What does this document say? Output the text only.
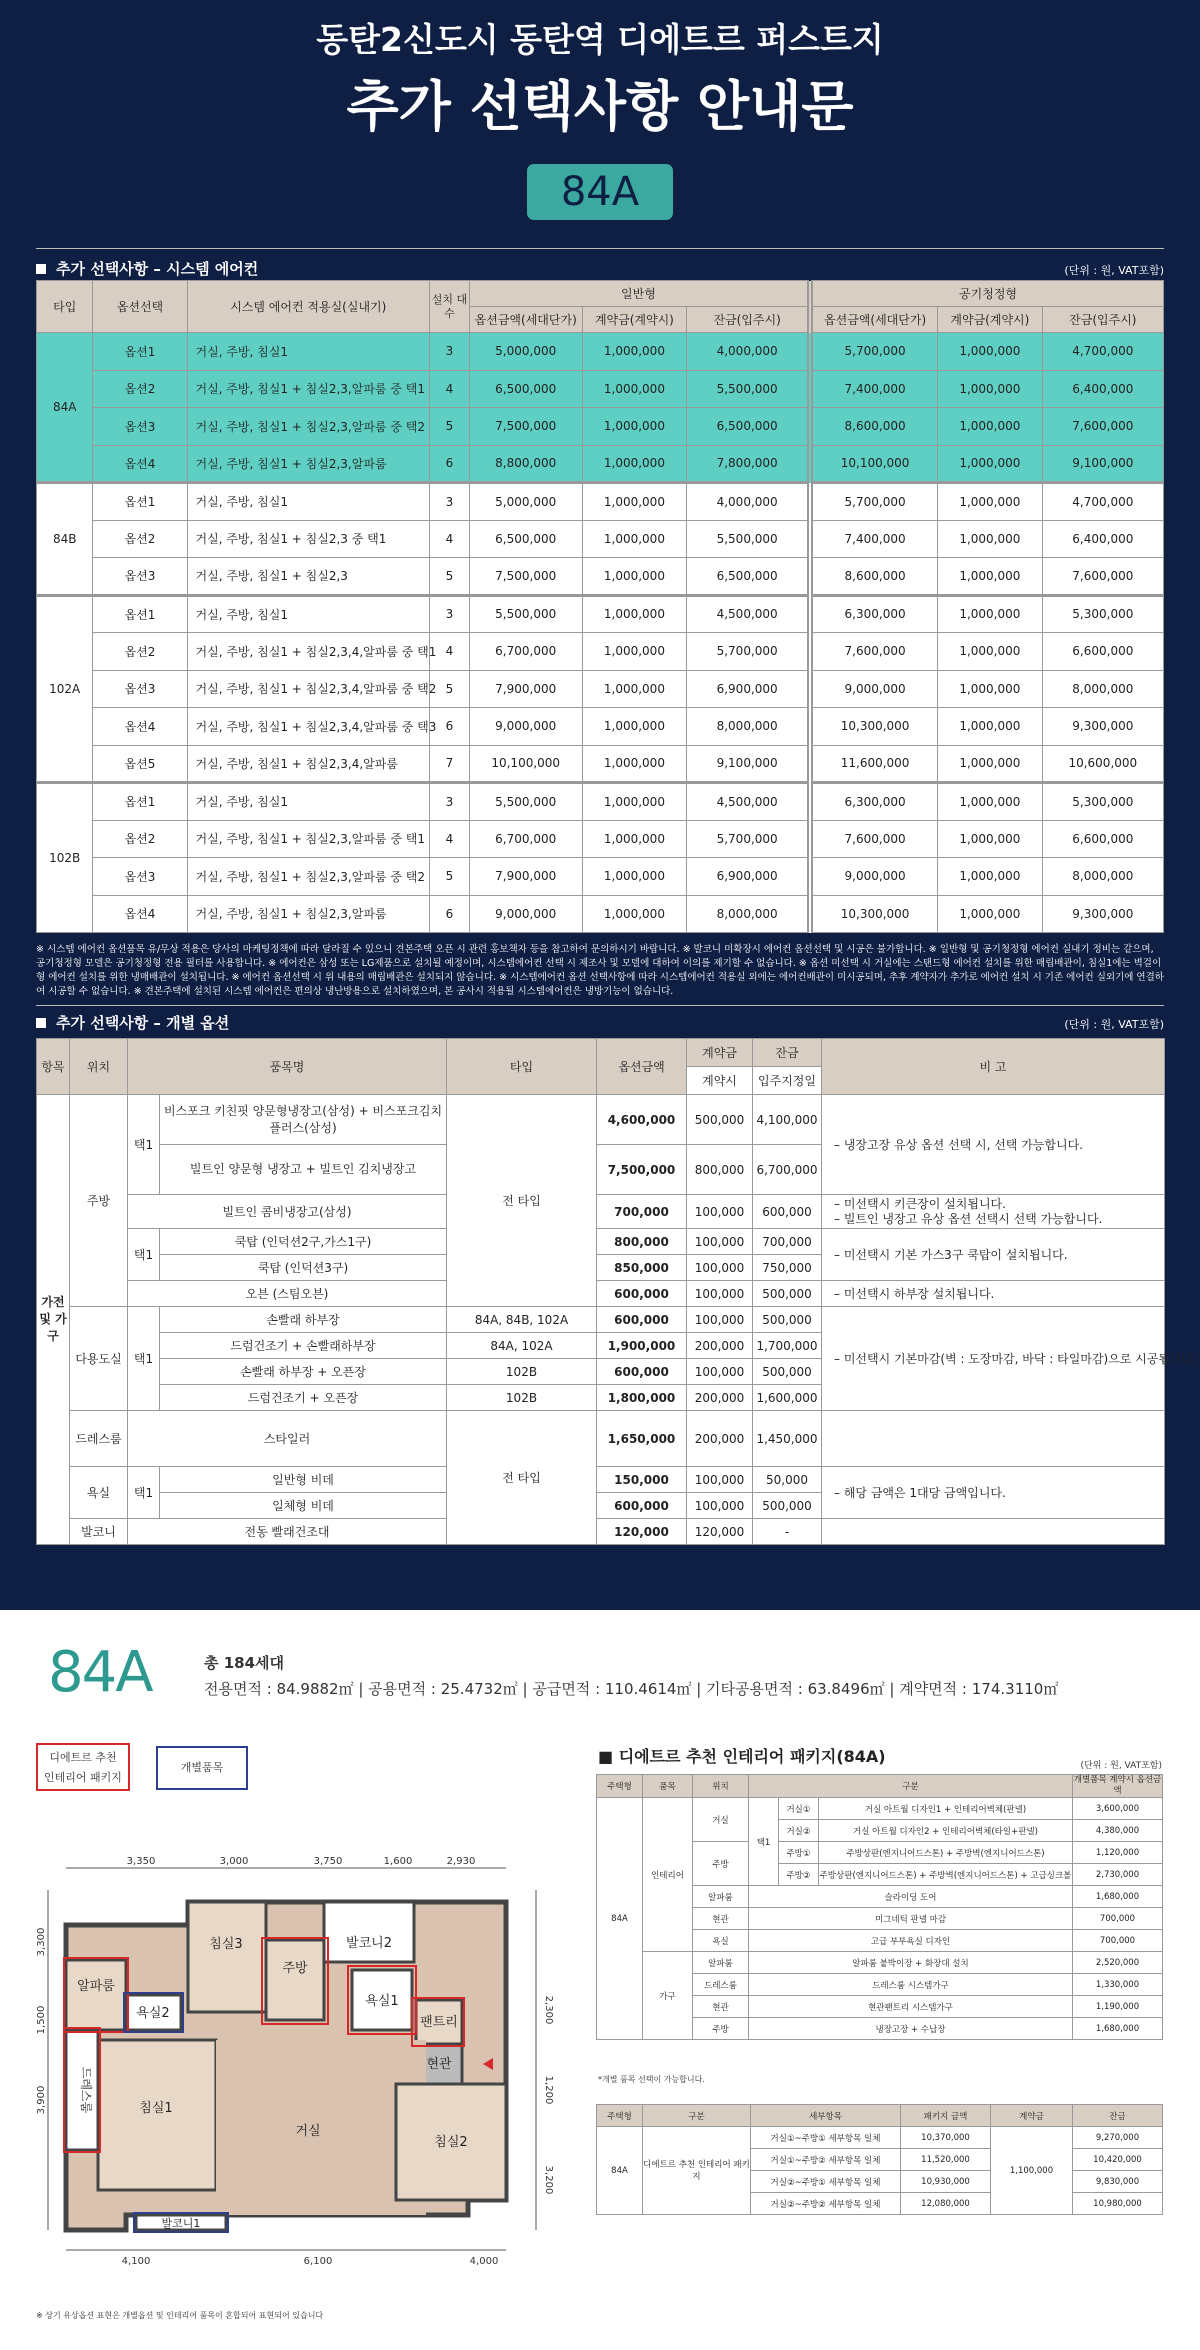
동탄2신도시 동탄역 디에트르 퍼스트지
추가 선택사항 안내문
84A
추가 선택사항 – 시스템 에어컨	(단위 : 원, VAT포함)
타입	옵션선택	시스템 에어컨 적용실(실내기)	설치 대수	일반형			공기청정형		
				옵션금액(세대단가)	계약금(계약시)	잔금(입주시)	옵션금액(세대단가)	계약금(계약시)	잔금(입주시)
84A	옵션1	거실, 주방, 침실1	3	5,000,000	1,000,000	4,000,000	5,700,000	1,000,000	4,700,000
	옵션2	거실, 주방, 침실1 + 침실2,3,알파룸 중 택1	4	6,500,000	1,000,000	5,500,000	7,400,000	1,000,000	6,400,000
	옵션3	거실, 주방, 침실1 + 침실2,3,알파룸 중 택2	5	7,500,000	1,000,000	6,500,000	8,600,000	1,000,000	7,600,000
	옵션4	거실, 주방, 침실1 + 침실2,3,알파룸	6	8,800,000	1,000,000	7,800,000	10,100,000	1,000,000	9,100,000
84B	옵션1	거실, 주방, 침실1	3	5,000,000	1,000,000	4,000,000	5,700,000	1,000,000	4,700,000
	옵션2	거실, 주방, 침실1 + 침실2,3 중 택1	4	6,500,000	1,000,000	5,500,000	7,400,000	1,000,000	6,400,000
	옵션3	거실, 주방, 침실1 + 침실2,3	5	7,500,000	1,000,000	6,500,000	8,600,000	1,000,000	7,600,000
102A	옵션1	거실, 주방, 침실1	3	5,500,000	1,000,000	4,500,000	6,300,000	1,000,000	5,300,000
	옵션2	거실, 주방, 침실1 + 침실2,3,4,알파룸 중 택1	4	6,700,000	1,000,000	5,700,000	7,600,000	1,000,000	6,600,000
	옵션3	거실, 주방, 침실1 + 침실2,3,4,알파룸 중 택2	5	7,900,000	1,000,000	6,900,000	9,000,000	1,000,000	8,000,000
	옵션4	거실, 주방, 침실1 + 침실2,3,4,알파룸 중 택3	6	9,000,000	1,000,000	8,000,000	10,300,000	1,000,000	9,300,000
	옵션5	거실, 주방, 침실1 + 침실2,3,4,알파룸	7	10,100,000	1,000,000	9,100,000	11,600,000	1,000,000	10,600,000
102B	옵션1	거실, 주방, 침실1	3	5,500,000	1,000,000	4,500,000	6,300,000	1,000,000	5,300,000
	옵션2	거실, 주방, 침실1 + 침실2,3,알파룸 중 택1	4	6,700,000	1,000,000	5,700,000	7,600,000	1,000,000	6,600,000
	옵션3	거실, 주방, 침실1 + 침실2,3,알파룸 중 택2	5	7,900,000	1,000,000	6,900,000	9,000,000	1,000,000	8,000,000
	옵션4	거실, 주방, 침실1 + 침실2,3,알파룸	6	9,000,000	1,000,000	8,000,000	10,300,000	1,000,000	9,300,000
※ 시스템 에어컨 옵션품목 유/무상 적용은 당사의 마케팅정책에 따라 달라질 수 있으니 견본주택 오픈 시 관련 홍보책자 등을 참고하여 문의하시기 바랍니다. ※ 발코니 미확장시 에어컨 옵션선택 및 시공은 불가합니다. ※ 일반형 및 공기청정형 에어컨 실내기 정비는 같으며, 공기청정형 모델은 공기청정형 전용 필터를 사용합니다. ※ 에어컨은 삼성 또는 LG제품으로 설치될 예정이며, 시스템에어컨 선택 시 제조사 및 모델에 대하여 이의를 제기할 수 없습니다. ※ 옵션 미선택 시 거실에는 스탠드형 에어컨 설치를 위한 매립배관이, 침실1에는 벽걸이형 에어컨 설치를 위한 냉매배관이 설치됩니다. ※ 에어컨 옵션선택 시 위 내용의 매립배관은 설치되지 않습니다. ※ 시스템에어컨 옵션 선택사항에 따라 시스템에어컨 적용실 외에는 에어컨배관이 미시공되며, 추후 계약자가 추가로 에어컨 설치 시 기존 에어컨 실외기에 연결하여 시공할 수 없습니다. ※ 견본주택에 설치된 시스템 에어컨은 편의상 냉난방용으로 설치하였으며, 본 공사시 적용될 시스템에어컨은 냉방기능이 없습니다.
추가 선택사항 – 개별 옵션	(단위 : 원, VAT포함)
항목	위치	품목명		타입	옵션금액	계약금	잔금	비 고
						계약시	입주지정일	
가전 및 가구	주방	택1	비스포크 키친핏 양문형냉장고(삼성) + 비스포크김치플러스(삼성)	전 타입	4,600,000	500,000	4,100,000	– 냉장고장 유상 옵션 선택 시, 선택 가능합니다.
			빌트인 양문형 냉장고 + 빌트인 김치냉장고		7,500,000	800,000	6,700,000	
		빌트인 콤비냉장고(삼성)			700,000	100,000	600,000	– 미선택시 키큰장이 설치됩니다.
– 빌트인 냉장고 유상 옵션 선택시 선택 가능합니다.

		택1	쿡탑 (인덕션2구,가스1구)		800,000	100,000	700,000	– 미선택시 기본 가스3구 쿡탑이 설치됩니다.
			쿡탑 (인덕션3구)		850,000	100,000	750,000	
		오븐 (스팀오븐)			600,000	100,000	500,000	– 미선택시 하부장 설치됩니다.
	다용도실	택1	손빨래 하부장	84A, 84B, 102A	600,000	100,000	500,000	– 미선택시 기본마감(벽 : 도장마감, 바닥 : 타일마감)으로 시공됩니다.
			드럼건조기 + 손빨래하부장	84A, 102A	1,900,000	200,000	1,700,000	
			손빨래 하부장 + 오픈장	102B	600,000	100,000	500,000	
			드럼건조기 + 오픈장	102B	1,800,000	200,000	1,600,000	
	드레스룸	스타일러		전 타입	1,650,000	200,000	1,450,000	
	욕실	택1	일반형 비데		150,000	100,000	50,000	– 해당 금액은 1대당 금액입니다.
			일체형 비데		600,000	100,000	500,000	
	발코니	전동 빨래건조대			120,000	120,000	-	
84A	총 184세대
전용면적 : 84.9882㎡ | 공용면적 : 25.4732㎡ | 공급면적 : 110.4614㎡ | 기타공용면적 : 63.8496㎡ | 계약면적 : 174.3110㎡
디에트르 추천
인테리어 패키지
개별품목
3,350	3,000	3,750	1,600	2,930
4,100	6,100	4,000
3,300
1,500
3,900
2,300
1,200
3,200
침실3
주방
발코니2
알파룸
욕실2
욕실1
팬트리
현관
드레스룸	침실1
거실
침실2
발코니1
■ 디에트르 추천 인테리어 패키지(84A)	(단위 : 원, VAT포함)
주택형	품목	위치	구분			개별품목 계약시 옵션금액
84A	인테리어	거실	택1	거실①	거실 아트월 디자인1 + 인테리어벽체(판넬)	3,600,000
				거실②	거실 아트월 디자인2 + 인테리어벽체(타일+판넬)	4,380,000
		주방		주방①	주방상판(엔지니어드스톤) + 주방벽(엔지니어드스톤)	1,120,000
				주방②	주방상판(엔지니어드스톤) + 주방벽(엔지니어드스톤) + 고급싱크볼	2,730,000
		알파룸	슬라이딩 도어			1,680,000
		현관	미그네틱 판넬 마감			700,000
		욕실	고급 부부욕실 디자인			700,000
	가구	알파룸	알파룸 붙박이장 + 화장대 설치			2,520,000
		드레스룸	드레스룸 시스템가구			1,330,000
		현관	현관팬트리 시스템가구			1,190,000
		주방	냉장고장 + 수납장			1,680,000
*개별 품목 선택이 가능합니다.
주택형	구분	세부항목	패키지 금액	계약금	잔금
84A	디에트르 추천 인테리어 패키지	거실①~주방① 세부항목 일체	10,370,000	1,100,000	9,270,000
		거실①~주방② 세부항목 일체	11,520,000		10,420,000
		거실②~주방① 세부항목 일체	10,930,000		9,830,000
		거실②~주방② 세부항목 일체	12,080,000		10,980,000
※ 상기 유상옵션 표현은 개별옵션 및 인테리어 품목이 혼합되어 표현되어 있습니다
